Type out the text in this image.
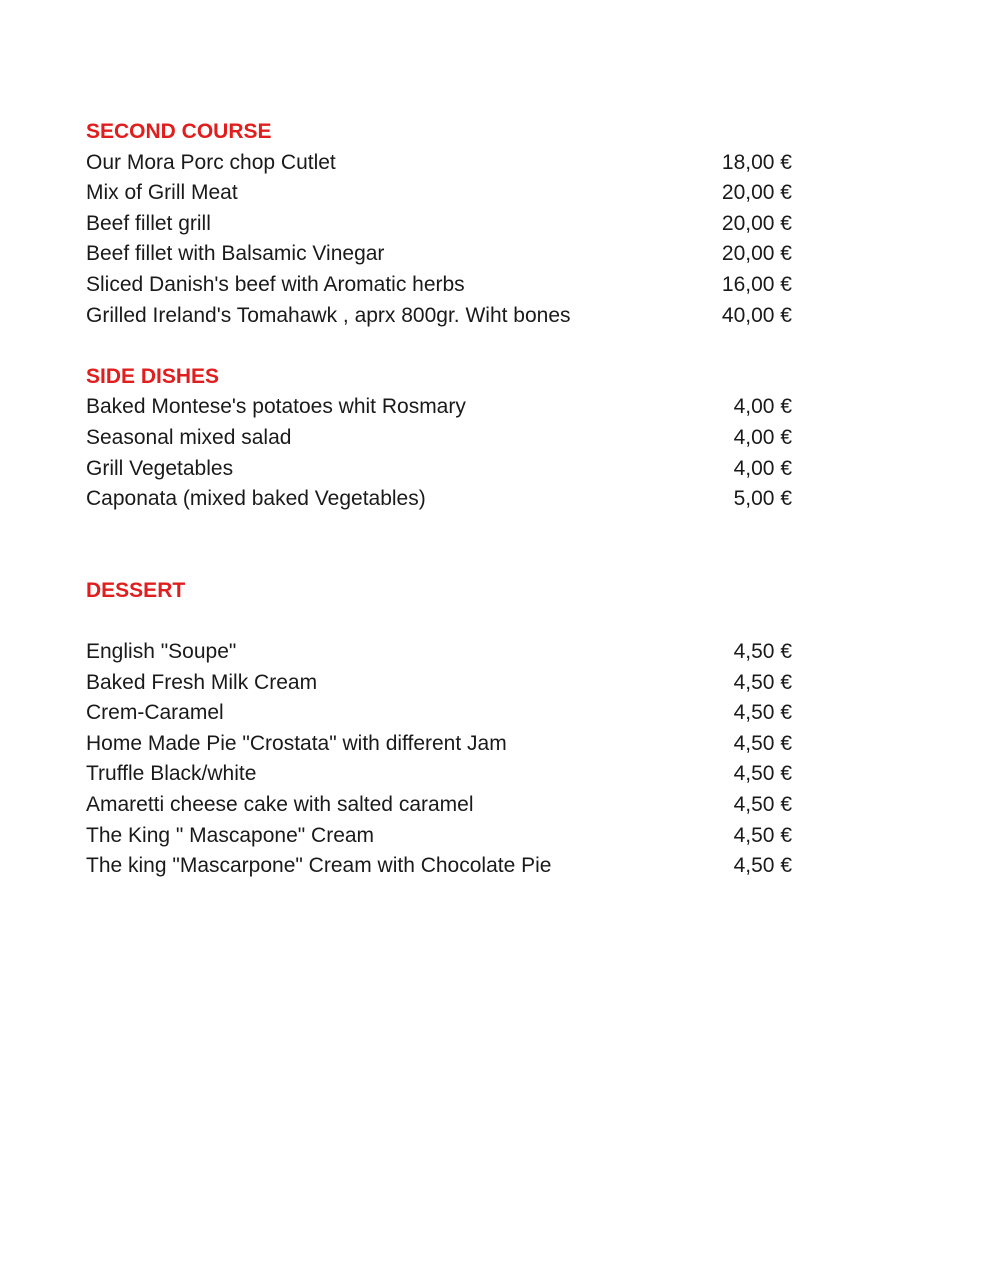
SECOND COURSE
Our Mora Porc chop Cutlet	18,00 €
Mix of Grill Meat	20,00 €
Beef fillet grill	20,00 €
Beef fillet with Balsamic Vinegar	20,00 €
Sliced Danish's beef with Aromatic herbs	16,00 €
Grilled Ireland's Tomahawk , aprx 800gr. Wiht bones	40,00 €
SIDE DISHES
Baked Montese's potatoes whit Rosmary	4,00 €
Seasonal mixed salad	4,00 €
Grill Vegetables	4,00 €
Caponata (mixed baked Vegetables)	5,00 €
DESSERT
English "Soupe"	4,50 €
Baked Fresh Milk Cream	4,50 €
Crem-Caramel	4,50 €
Home Made Pie "Crostata" with different Jam	4,50 €
Truffle Black/white	4,50 €
Amaretti cheese cake with salted caramel	4,50 €
The King " Mascapone" Cream	4,50 €
The king "Mascarpone" Cream with Chocolate Pie	4,50 €
